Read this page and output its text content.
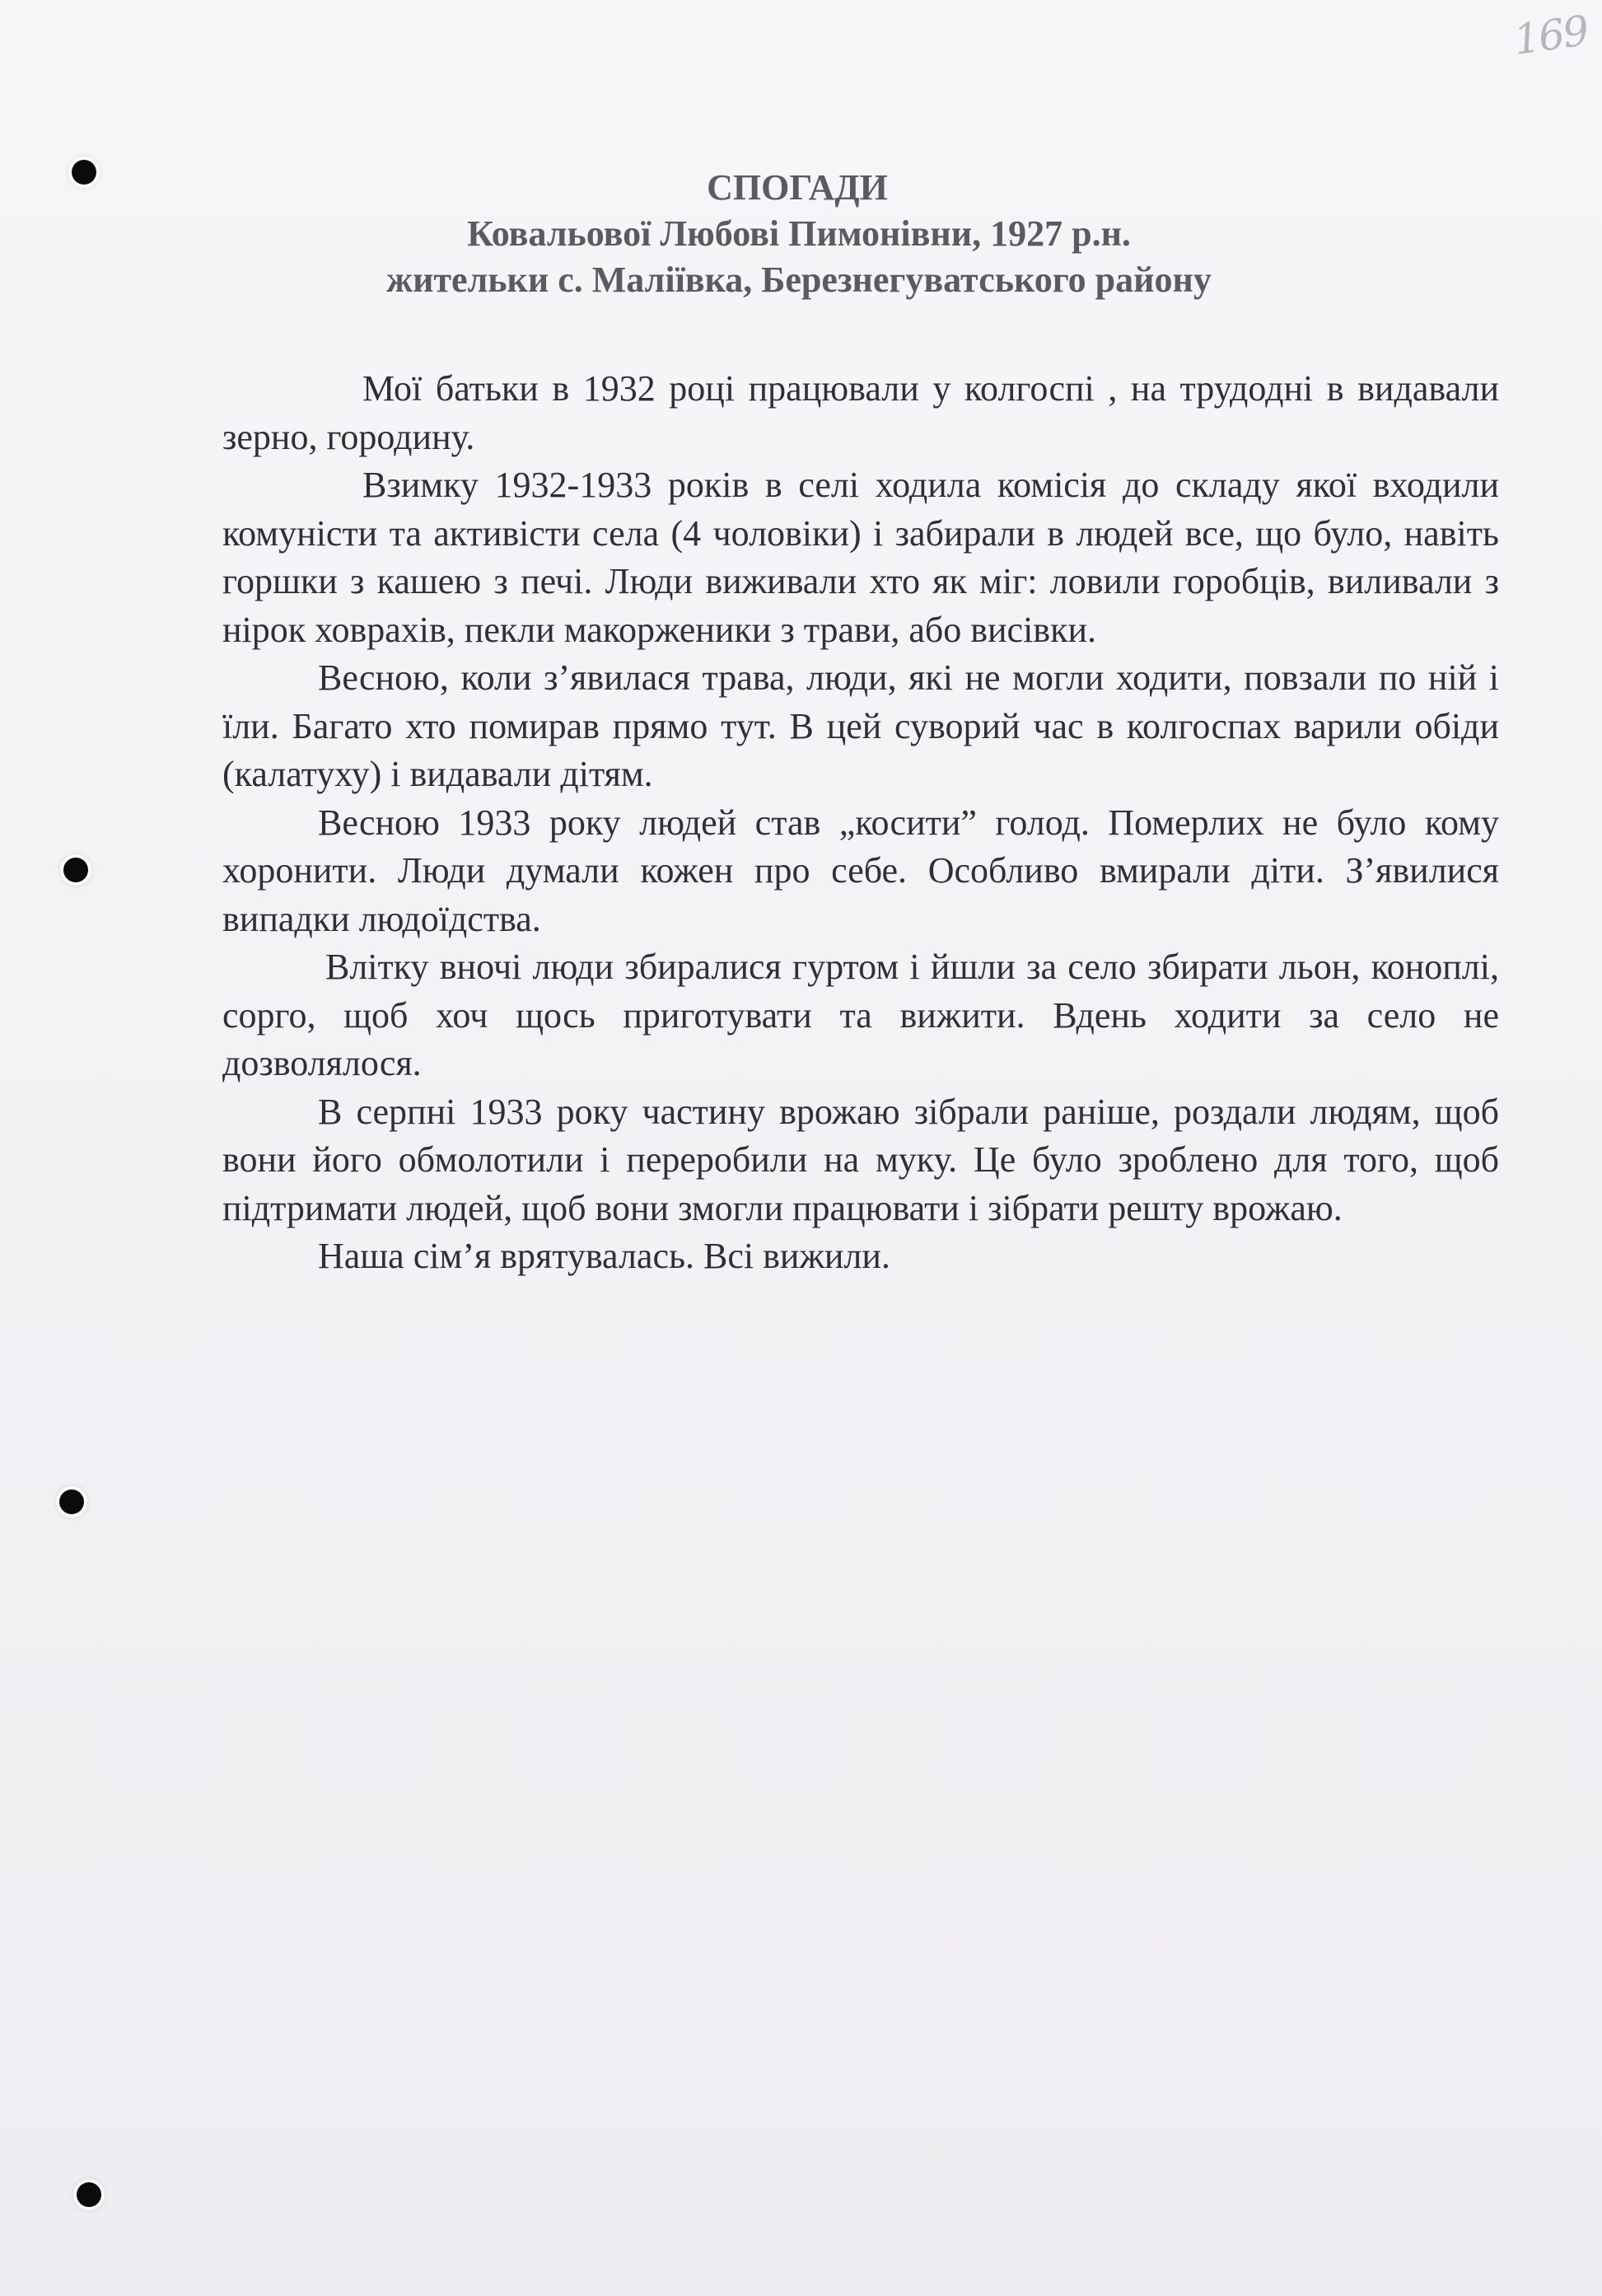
169
СПОГАДИ
Ковальової Любові Пимонівни, 1927 р.н.
жительки с. Маліївка, Березнегуватського району

Мої батьки в 1932 році працювали у колгоспі , на трудодні в видавали зерно, городину.

Взимку 1932-1933 років в селі ходила комісія до складу якої входили комуністи та активісти села (4 чоловіки) і забирали в людей все, що було, навіть горшки з кашею з печі. Люди виживали хто як міг: ловили горобців, виливали з нірок ховрахів, пекли макорженики з трави, або висівки.

Весною, коли з’явилася трава, люди, які не могли ходити, повзали по ній і їли. Багато хто помирав прямо тут. В цей суворий час в колгоспах варили обіди (калатуху) і видавали дітям.

Весною 1933 року людей став „косити” голод. Померлих не було кому хоронити. Люди думали кожен про себе. Особливо вмирали діти. З’явилися випадки людоїдства.

Влітку вночі люди збиралися гуртом і йшли за село збирати льон, коноплі, сорго, щоб хоч щось приготувати та вижити. Вдень ходити за село не дозволялося.

В серпні 1933 року частину врожаю зібрали раніше, роздали людям, щоб вони його обмолотили і переробили на муку. Це було зроблено для того, щоб підтримати людей, щоб вони змогли працювати і зібрати решту врожаю.

Наша сім’я врятувалась. Всі вижили.
